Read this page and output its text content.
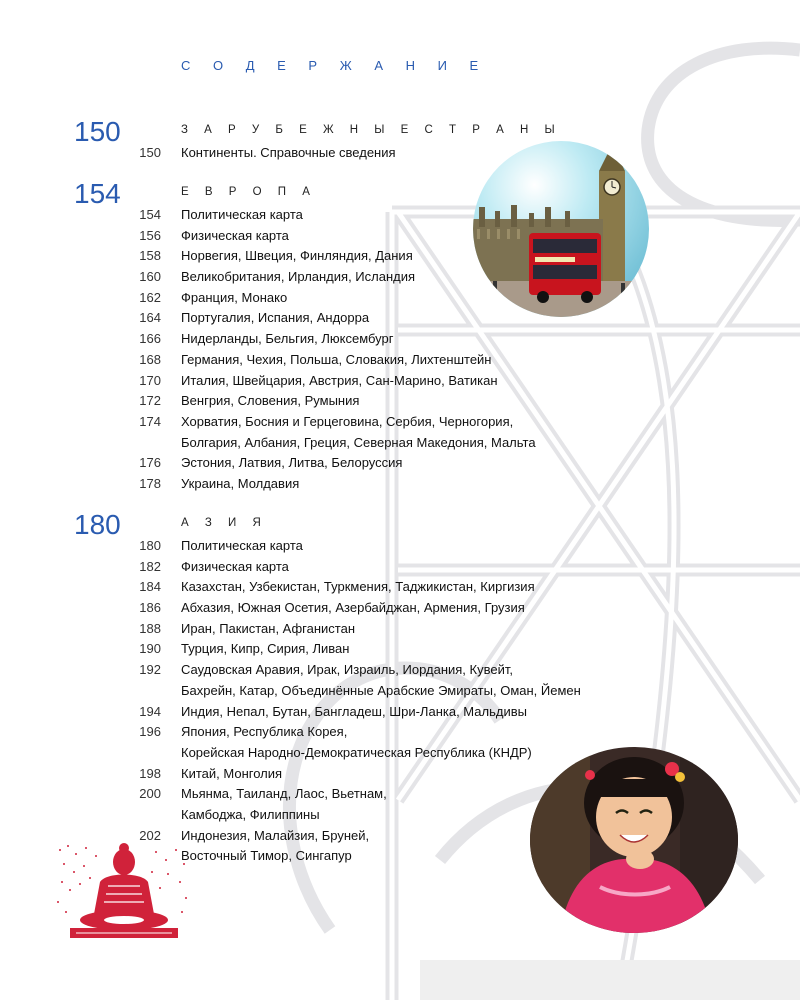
С О Д Е Р Ж А Н И Е
150	З А Р У Б Е Ж Н Ы Е С Т Р А Н Ы
150 Континенты. Справочные сведения
154	Е В Р О П А
154 Политическая карта
156 Физическая карта
158 Норвегия, Швеция, Финляндия, Дания
160 Великобритания, Ирландия, Исландия
162 Франция, Монако
164 Португалия, Испания, Андорра
166 Нидерланды, Бельгия, Люксембург
168 Германия, Чехия, Польша, Словакия, Лихтенштейн
170 Италия, Швейцария, Австрия, Сан-Марино, Ватикан
172 Венгрия, Словения, Румыния
174 Хорватия, Босния и Герцеговина, Сербия, Черногория,
Болгария, Албания, Греция, Северная Македония, Мальта
176 Эстония, Латвия, Литва, Белоруссия
178 Украина, Молдавия
180	А З И Я
180 Политическая карта
182 Физическая карта
184 Казахстан, Узбекистан, Туркмения, Таджикистан, Киргизия
186 Абхазия, Южная Осетия, Азербайджан, Армения, Грузия
188 Иран, Пакистан, Афганистан
190 Турция, Кипр, Сирия, Ливан
192 Саудовская Аравия, Ирак, Израиль, Иордания, Кувейт,
Бахрейн, Катар, Объединённые Арабские Эмираты, Оман, Йемен
194 Индия, Непал, Бутан, Бангладеш, Шри-Ланка, Мальдивы
196 Япония, Республика Корея,
Корейская Народно-Демократическая Республика (КНДР)
198 Китай, Монголия
200 Мьянма, Таиланд, Лаос, Вьетнам,
Камбоджа, Филиппины
202 Индонезия, Малайзия, Бруней,
Восточный Тимор, Сингапур
